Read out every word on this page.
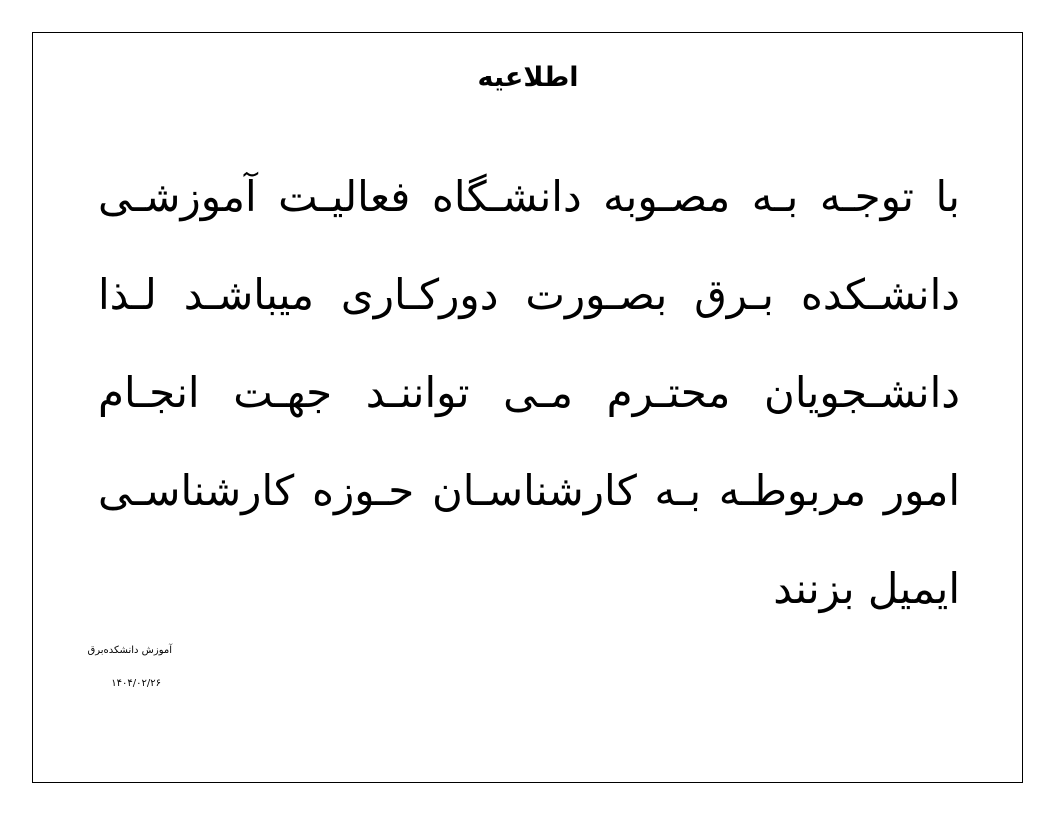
اطلاعیه
با توجـه بـه مصـوبه دانشـگاه فعالیـت آموزشـی
دانشـکده بـرق بصـورت دورکـاری میباشـد لـذا
دانشـجویان محتـرم مـی تواننـد جهـت انجـام
امور مربوطـه بـه کارشناسـان حـوزه کارشناسـی
ایمیل بزنند
آموزش دانشکده‌برق
۱۴۰۴/۰۲/۲۶
